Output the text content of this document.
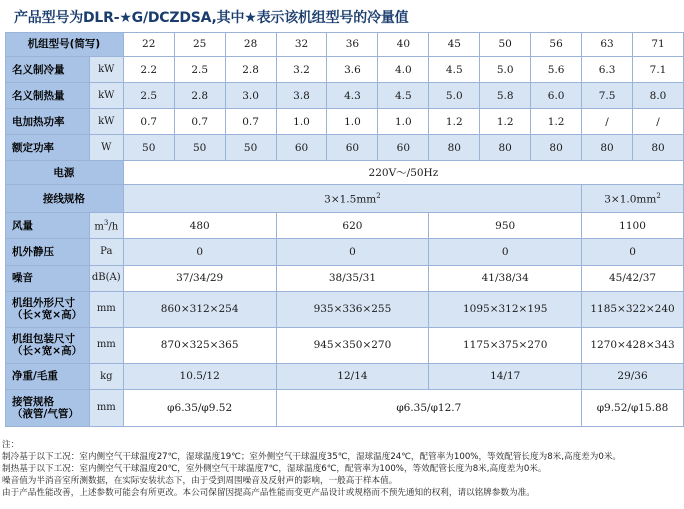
产品型号为DLR-★G/DCZDSA,其中★表示该机组型号的冷量值
机组型号(简写)		22	25	28	32	36	40	45	50	56	63	71
名义制冷量	kW	2.2	2.5	2.8	3.2	3.6	4.0	4.5	5.0	5.6	6.3	7.1
名义制热量	kW	2.5	2.8	3.0	3.8	4.3	4.5	5.0	5.8	6.0	7.5	8.0
电加热功率	kW	0.7	0.7	0.7	1.0	1.0	1.0	1.2	1.2	1.2	/	/
额定功率	W	50	50	50	60	60	60	80	80	80	80	80
电源		220V～/50Hz										
接线规格		$3\times 1.5mm^2$									$3\times 1.0mm^2$
风量	$m^3/h$	480			620			950			1100	
机外静压	Pa	0			0			0			0	
噪音	dB(A)	37/34/29			38/35/31			41/38/34			45/42/37	
机组外形尺寸
（长×宽×高）	mm	860×312×254			935×336×255			1095×312×195			1185×322×240	
机组包装尺寸
（长×宽×高）	mm	870×325×365			945×350×270			1175×375×270			1270×428×343	
净重/毛重	kg	10.5/12			12/14			14/17			29/36	
接管规格
（液管/气管）	mm	φ6.35/φ9.52			φ6.35/φ12.7						φ9.52/φ15.88	
注：
制冷基于以下工况：室内侧空气干球温度27℃，湿球温度19℃；室外侧空气干球温度35℃，湿球温度24℃，配管率为100%，等效配管长度为8米,高度差为0米。
制热基于以下工况：室内侧空气干球温度20℃，室外侧空气干球温度7℃，湿球温度6℃，配管率为100%，等效配管长度为8米,高度差为0米。
噪音值为半消音室所测数据，在实际安装状态下，由于受到周围噪音及反射声的影响，一般高于样本值。
由于产品性能改善，上述参数可能会有所更改。本公司保留因提高产品性能而变更产品设计或规格而不预先通知的权利，请以铭牌参数为准。
